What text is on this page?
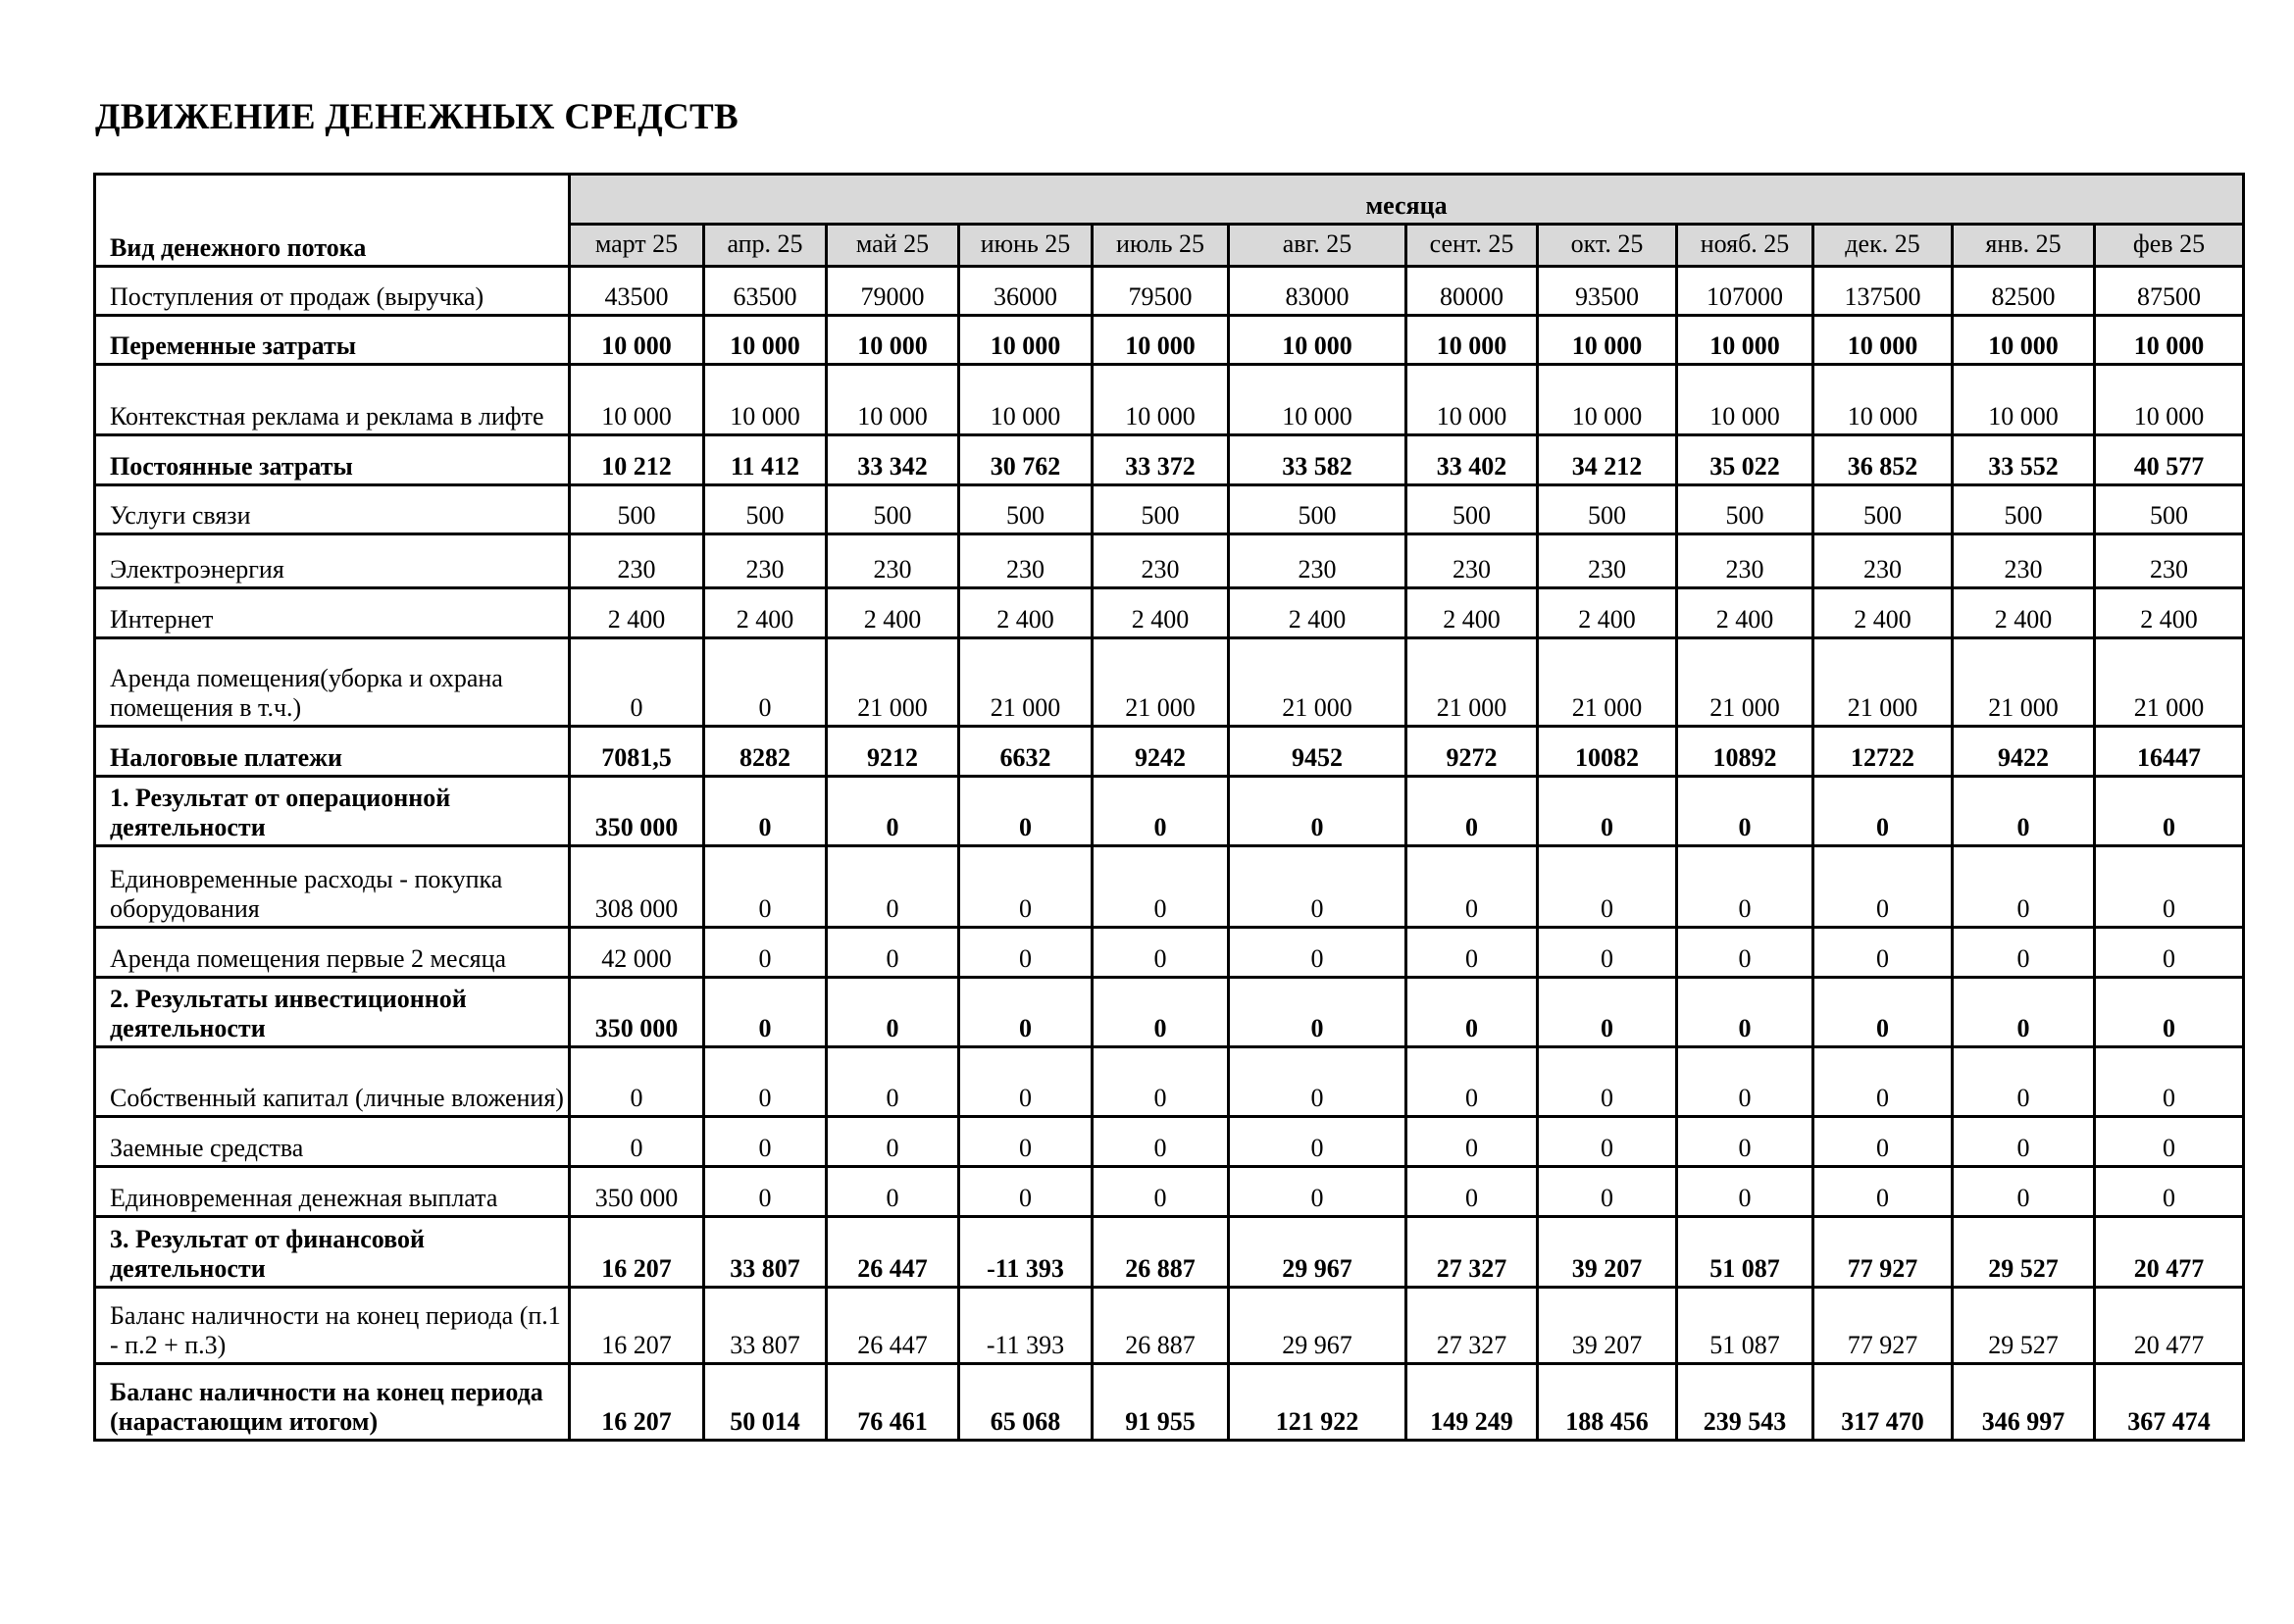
ДВИЖЕНИЕ ДЕНЕЖНЫХ СРЕДСТВ
Вид денежного потока	месяца											
	март 25	апр. 25	май 25	июнь 25	июль 25	авг. 25	сент. 25	окт. 25	нояб. 25	дек. 25	янв. 25	фев 25
Поступления от продаж (выручка)	43500	63500	79000	36000	79500	83000	80000	93500	107000	137500	82500	87500
Переменные затраты	10 000	10 000	10 000	10 000	10 000	10 000	10 000	10 000	10 000	10 000	10 000	10 000
Контекстная реклама и реклама в лифте	10 000	10 000	10 000	10 000	10 000	10 000	10 000	10 000	10 000	10 000	10 000	10 000
Постоянные затраты	10 212	11 412	33 342	30 762	33 372	33 582	33 402	34 212	35 022	36 852	33 552	40 577
Услуги связи	500	500	500	500	500	500	500	500	500	500	500	500
Электроэнергия	230	230	230	230	230	230	230	230	230	230	230	230
Интернет	2 400	2 400	2 400	2 400	2 400	2 400	2 400	2 400	2 400	2 400	2 400	2 400
Аренда помещения(уборка и охрана помещения в т.ч.)	0	0	21 000	21 000	21 000	21 000	21 000	21 000	21 000	21 000	21 000	21 000
Налоговые платежи	7081,5	8282	9212	6632	9242	9452	9272	10082	10892	12722	9422	16447
1. Результат от операционной деятельности	350 000	0	0	0	0	0	0	0	0	0	0	0
Единовременные расходы - покупка оборудования	308 000	0	0	0	0	0	0	0	0	0	0	0
Аренда помещения первые 2 месяца	42 000	0	0	0	0	0	0	0	0	0	0	0
2. Результаты инвестиционной деятельности	350 000	0	0	0	0	0	0	0	0	0	0	0
Собственный капитал (личные вложения)	0	0	0	0	0	0	0	0	0	0	0	0
Заемные средства	0	0	0	0	0	0	0	0	0	0	0	0
Единовременная денежная выплата	350 000	0	0	0	0	0	0	0	0	0	0	0
3. Результат от финансовой деятельности	16 207	33 807	26 447	-11 393	26 887	29 967	27 327	39 207	51 087	77 927	29 527	20 477
Баланс наличности на конец периода (п.1 - п.2 + п.3)	16 207	33 807	26 447	-11 393	26 887	29 967	27 327	39 207	51 087	77 927	29 527	20 477
Баланс наличности на конец периода (нарастающим итогом)	16 207	50 014	76 461	65 068	91 955	121 922	149 249	188 456	239 543	317 470	346 997	367 474
